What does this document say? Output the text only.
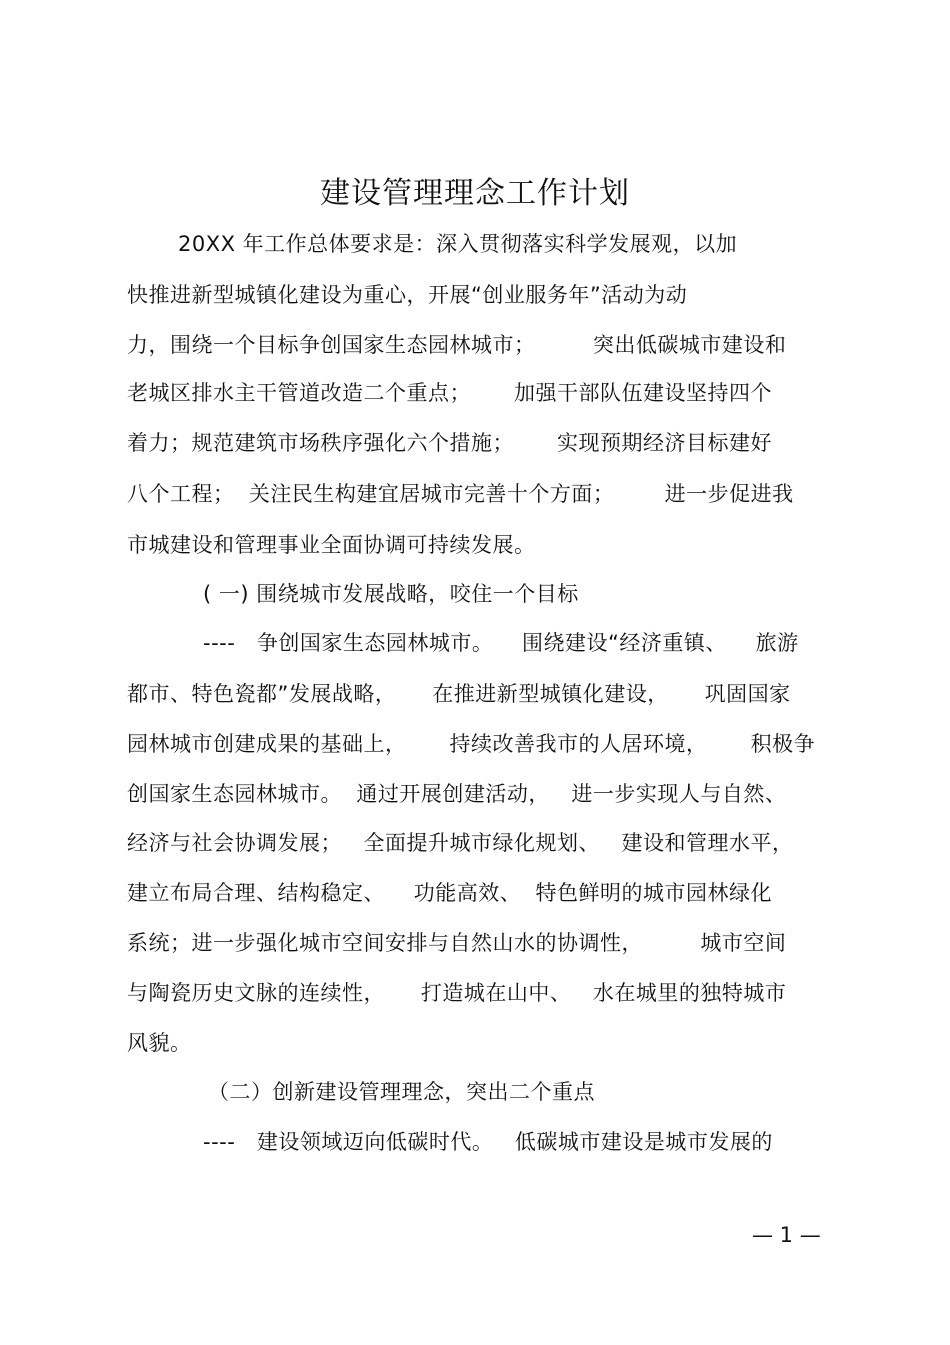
建设管理理念工作计划
20XX 年工作总体要求是：深入贯彻落实科学发展观，以加
快推进新型城镇化建设为重心，开展“创业服务年”活动为动
力，围绕一个目标争创国家生态园林城市；        突出低碳城市建设和
老城区排水主干管道改造二个重点；      加强干部队伍建设坚持四个
着力；规范建筑市场秩序强化六个措施；      实现预期经济目标建好
八个工程；  关注民生构建宜居城市完善十个方面；       进一步促进我
市城建设和管理事业全面协调可持续发展。
( 一) 围绕城市发展战略，咬住一个目标
----   争创国家生态园林城市。    围绕建设“经济重镇、    旅游
都市、特色瓷都”发展战略，     在推进新型城镇化建设，     巩固国家
园林城市创建成果的基础上，      持续改善我市的人居环境，      积极争
创国家生态园林城市。  通过开展创建活动，   进一步实现人与自然、
经济与社会协调发展；   全面提升城市绿化规划、   建设和管理水平，
建立布局合理、结构稳定、    功能高效、  特色鲜明的城市园林绿化
系统；进一步强化城市空间安排与自然山水的协调性，        城市空间
与陶瓷历史文脉的连续性，     打造城在山中、   水在城里的独特城市
风貌。
（二）创新建设管理理念，突出二个重点
----   建设领域迈向低碳时代。   低碳城市建设是城市发展的
— 1 —
